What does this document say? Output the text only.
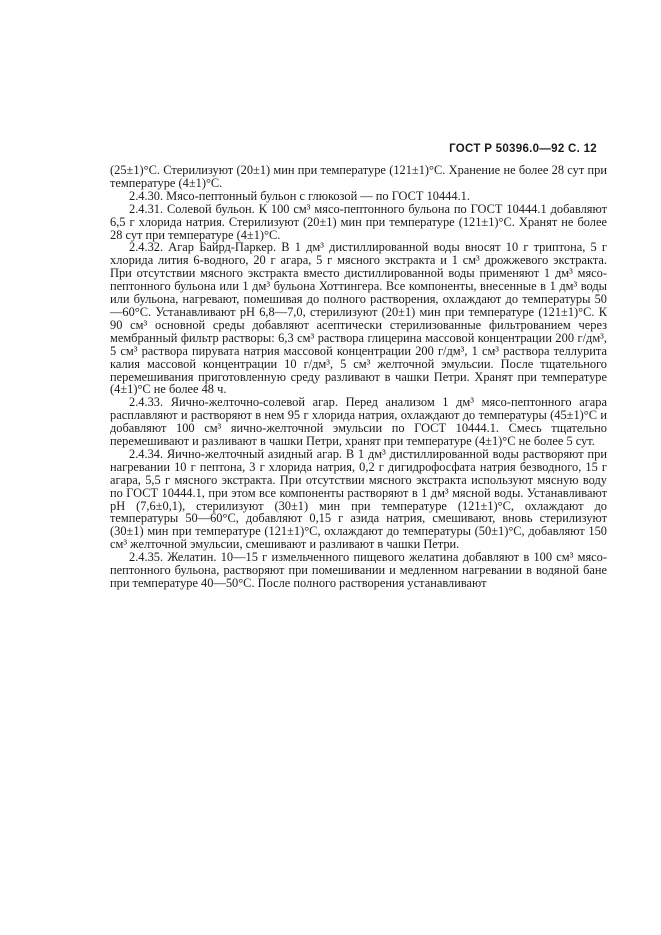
ГОСТ Р 50396.0—92 С. 12

(25±1)°С. Стерилизуют (20±1) мин при температуре (121±1)°С. Хранение не более 28 сут при температуре (4±1)°С.

2.4.30. Мясо-пептонный бульон с глюкозой — по ГОСТ 10444.1.

2.4.31. Солевой бульон. К 100 см³ мясо-пептонного бульона по ГОСТ 10444.1 добавляют 6,5 г хлорида натрия. Стерилизуют (20±1) мин при температуре (121±1)°С. Хранят не более 28 сут при температуре (4±1)°С.

2.4.32. Агар Байрд-Паркер. В 1 дм³ дистиллированной воды вносят 10 г триптона, 5 г хлорида лития 6-водного, 20 г агара, 5 г мясного экстракта и 1 см³ дрожжевого экстракта. При отсутствии мясного экстракта вместо дистиллированной воды применяют 1 дм³ мясо-пептонного бульона или 1 дм³ бульона Хоттингера. Все компоненты, внесенные в 1 дм³ воды или бульона, нагревают, помешивая до полного растворения, охлаждают до температуры 50—60°С. Устанавливают рН 6,8—7,0, стерилизуют (20±1) мин при температуре (121±1)°С. К 90 см³ основной среды добавляют асептически стерилизованные фильтрованием через мембранный фильтр растворы: 6,3 см³ раствора глицерина массовой концентрации 200 г/дм³, 5 см³ раствора пирувата натрия массовой концентрации 200 г/дм³, 1 см³ раствора теллурита калия массовой концентрации 10 г/дм³, 5 см³ желточной эмульсии. После тщательного перемешивания приготовленную среду разливают в чашки Петри. Хранят при температуре (4±1)°С не более 48 ч.

2.4.33. Яично-желточно-солевой агар. Перед анализом 1 дм³ мясо-пептонного агара расплавляют и растворяют в нем 95 г хлорида натрия, охлаждают до температуры (45±1)°С и добавляют 100 см³ яично-желточной эмульсии по ГОСТ 10444.1. Смесь тщательно перемешивают и разливают в чашки Петри, хранят при температуре (4±1)°С не более 5 сут.

2.4.34. Яично-желточный азидный агар. В 1 дм³ дистиллированной воды растворяют при нагревании 10 г пептона, 3 г хлорида натрия, 0,2 г дигидрофосфата натрия безводного, 15 г агара, 5,5 г мясного экстракта. При отсутствии мясного экстракта используют мясную воду по ГОСТ 10444.1, при этом все компоненты растворяют в 1 дм³ мясной воды. Устанавливают рН (7,6±0,1), стерилизуют (30±1) мин при температуре (121±1)°С, охлаждают до температуры 50—60°С, добавляют 0,15 г азида натрия, смешивают, вновь стерилизуют (30±1) мин при температуре (121±1)°С, охлаждают до температуры (50±1)°С, добавляют 150 см³ желточной эмульсии, смешивают и разливают в чашки Петри.

2.4.35. Желатин. 10—15 г измельченного пищевого желатина добавляют в 100 см³ мясо-пептонного бульона, растворяют при помешивании и медленном нагревании в водяной бане при температуре 40—50°С. После полного растворения устанавливают
